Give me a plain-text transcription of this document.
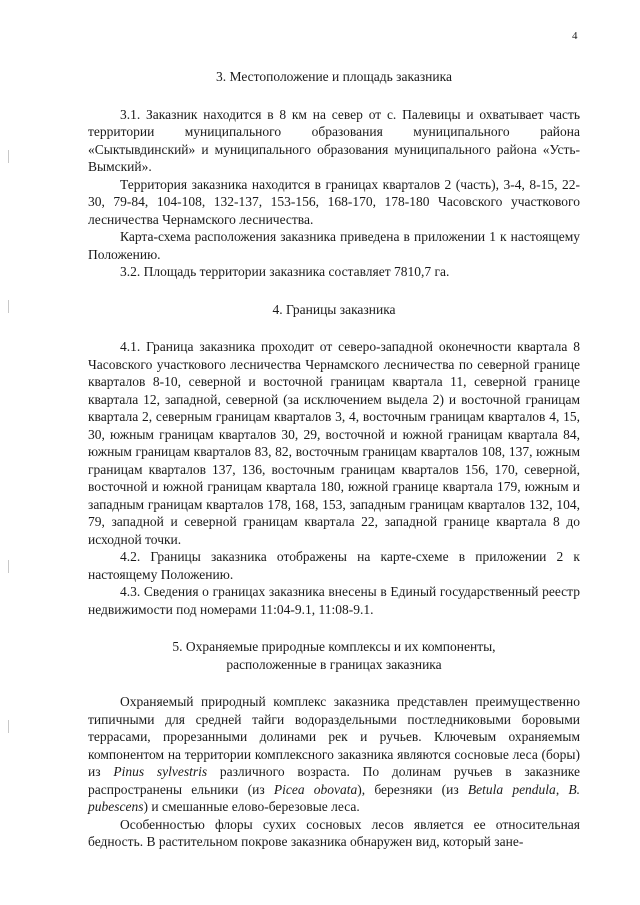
4
3. Местоположение и площадь заказника
3.1. Заказник находится в 8 км на север от с. Палевицы и охватывает часть территории муниципального образования муниципального района «Сыктывдинский» и муниципального образования муниципального района «Усть-Вымский».
Территория заказника находится в границах кварталов 2 (часть), 3-4, 8-15, 22-30, 79-84, 104-108, 132-137, 153-156, 168-170, 178-180 Часовского участкового лесничества Чернамского лесничества.
Карта-схема расположения заказника приведена в приложении 1 к настоящему Положению.
3.2. Площадь территории заказника составляет 7810,7 га.
4. Границы заказника
4.1. Граница заказника проходит от северо-западной оконечности квартала 8 Часовского участкового лесничества Чернамского лесничества по северной границе кварталов 8-10, северной и восточной границам квартала 11, северной границе квартала 12, западной, северной (за исключением выдела 2) и восточной границам квартала 2, северным границам кварталов 3, 4, восточным границам кварталов 4, 15, 30, южным границам кварталов 30, 29, восточной и южной границам квартала 84, южным границам кварталов 83, 82, восточным границам кварталов 108, 137, южным границам кварталов 137, 136, восточным границам кварталов 156, 170, северной, восточной и южной границам квартала 180, южной границе квартала 179, южным и западным границам кварталов 178, 168, 153, западным границам кварталов 132, 104, 79, западной и северной границам квартала 22, западной границе квартала 8 до исходной точки.
4.2. Границы заказника отображены на карте-схеме в приложении 2 к настоящему Положению.
4.3. Сведения о границах заказника внесены в Единый государственный реестр недвижимости под номерами 11:04-9.1, 11:08-9.1.
5. Охраняемые природные комплексы и их компоненты,
расположенные в границах заказника
Охраняемый природный комплекс заказника представлен преимущественно типичными для средней тайги водораздельными постледниковыми боровыми террасами, прорезанными долинами рек и ручьев. Ключевым охраняемым компонентом на территории комплексного заказника являются сосновые леса (боры) из Pinus sylvestris различного возраста. По долинам ручьев в заказнике распространены ельники (из Picea obovata), березняки (из Betula pendula, B. pubescens) и смешанные елово-березовые леса.
Особенностью флоры сухих сосновых лесов является ее относительная бедность. В растительном покрове заказника обнаружен вид, который зане-
